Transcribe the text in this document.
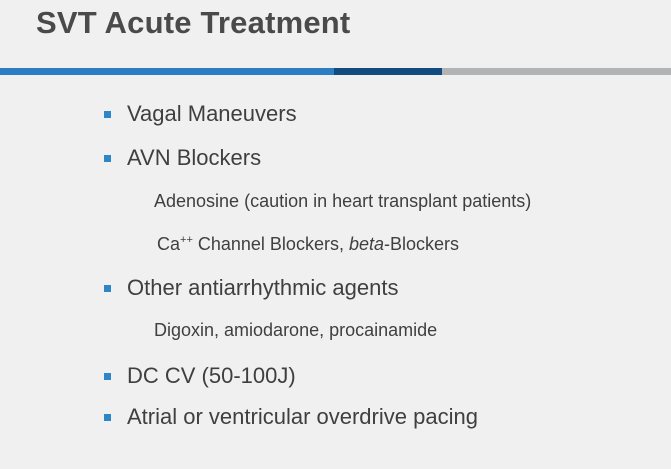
SVT Acute Treatment
Vagal Maneuvers
AVN Blockers
Adenosine (caution in heart transplant patients)
Ca++ Channel Blockers, beta-Blockers
Other antiarrhythmic agents
Digoxin, amiodarone, procainamide
DC CV (50-100J)
Atrial or ventricular overdrive pacing
